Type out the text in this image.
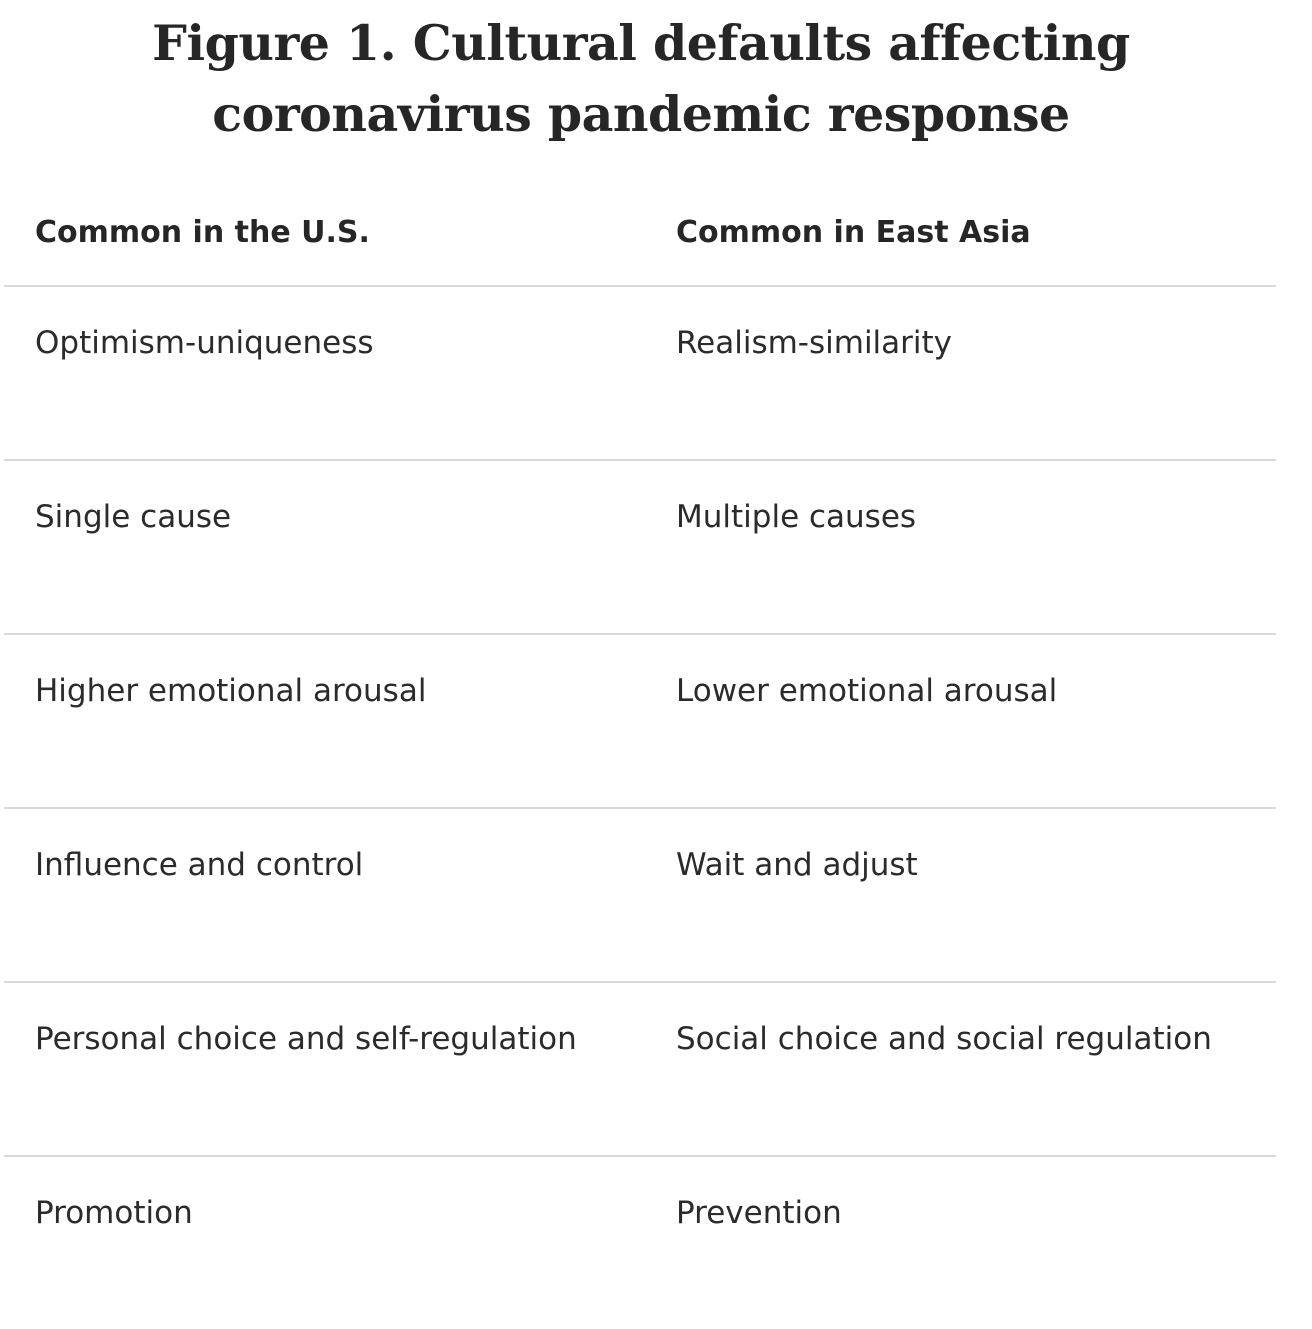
Figure 1. Cultural defaults affecting
coronavirus pandemic response
Common in the U.S.	Common in East Asia
Optimism-uniqueness	Realism-similarity
Single cause	Multiple causes
Higher emotional arousal	Lower emotional arousal
Influence and control	Wait and adjust
Personal choice and self-regulation	Social choice and social regulation
Promotion	Prevention
